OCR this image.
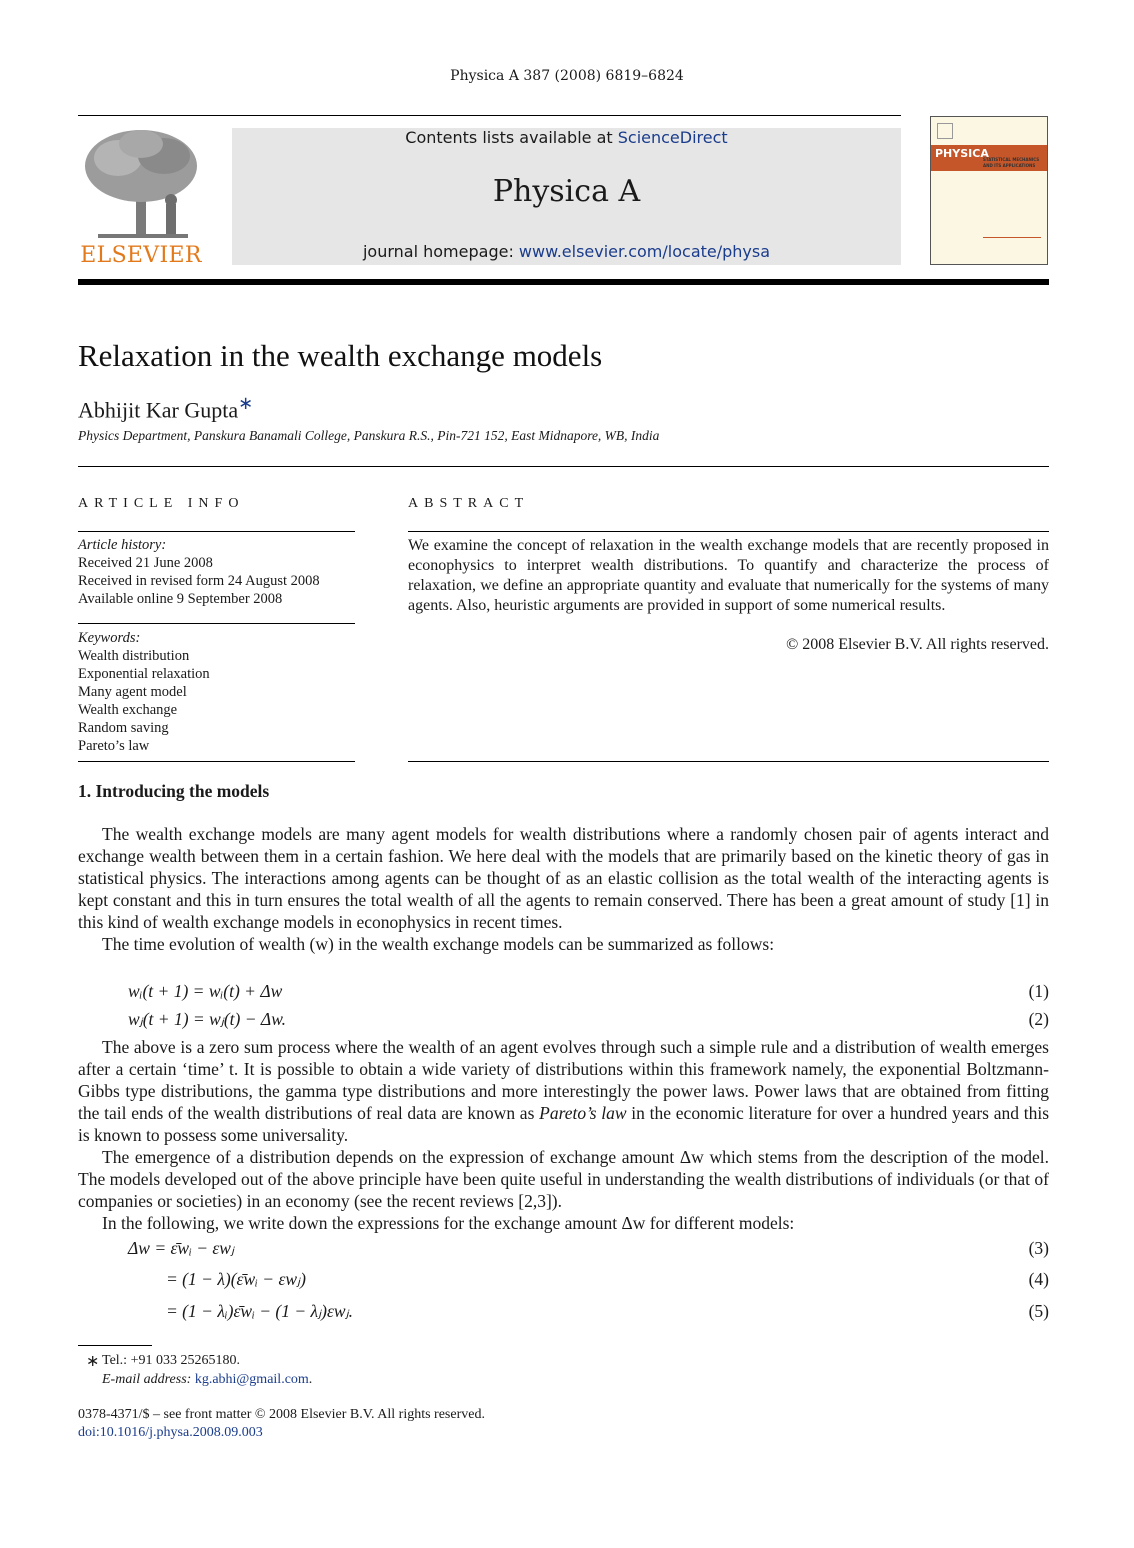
Physica A 387 (2008) 6819–6824
ELSEVIER
Contents lists available at ScienceDirect
Physica A
journal homepage: www.elsevier.com/locate/physa
PHYSICA
STATISTICAL MECHANICS AND ITS APPLICATIONS
Relaxation in the wealth exchange models
Abhijit Kar Gupta∗
Physics Department, Panskura Banamali College, Panskura R.S., Pin-721 152, East Midnapore, WB, India
ARTICLE INFO
Article history:
Received 21 June 2008
Received in revised form 24 August 2008
Available online 9 September 2008
Keywords:
Wealth distribution
Exponential relaxation
Many agent model
Wealth exchange
Random saving
Pareto’s law
ABSTRACT
We examine the concept of relaxation in the wealth exchange models that are recently proposed in econophysics to interpret wealth distributions. To quantify and characterize the process of relaxation, we define an appropriate quantity and evaluate that numerically for the systems of many agents. Also, heuristic arguments are provided in support of some numerical results.
© 2008 Elsevier B.V. All rights reserved.
1. Introducing the models

The wealth exchange models are many agent models for wealth distributions where a randomly chosen pair of agents interact and exchange wealth between them in a certain fashion. We here deal with the models that are primarily based on the kinetic theory of gas in statistical physics. The interactions among agents can be thought of as an elastic collision as the total wealth of the interacting agents is kept constant and this in turn ensures the total wealth of all the agents to remain conserved. There has been a great amount of study [1] in this kind of wealth exchange models in econophysics in recent times.

The time evolution of wealth (w) in the wealth exchange models can be summarized as follows:

wᵢ(t + 1) = wᵢ(t) + Δw	(1)
wⱼ(t + 1) = wⱼ(t) − Δw.	(2)

The above is a zero sum process where the wealth of an agent evolves through such a simple rule and a distribution of wealth emerges after a certain ‘time’ t. It is possible to obtain a wide variety of distributions within this framework namely, the exponential Boltzmann-Gibbs type distributions, the gamma type distributions and more interestingly the power laws. Power laws that are obtained from fitting the tail ends of the wealth distributions of real data are known as Pareto’s law in the economic literature for over a hundred years and this is known to possess some universality.

The emergence of a distribution depends on the expression of exchange amount Δw which stems from the description of the model. The models developed out of the above principle have been quite useful in understanding the wealth distributions of individuals (or that of companies or societies) in an economy (see the recent reviews [2,3]).

In the following, we write down the expressions for the exchange amount Δw for different models:

Δw = ε̄wᵢ − εwⱼ	(3)
= (1 − λ)(ε̄wᵢ − εwⱼ)	(4)
= (1 − λᵢ)ε̄wᵢ − (1 − λⱼ)εwⱼ.	(5)
∗ Tel.: +91 033 25265180.
E-mail address: kg.abhi@gmail.com.
0378-4371/$ – see front matter © 2008 Elsevier B.V. All rights reserved.
doi:10.1016/j.physa.2008.09.003
